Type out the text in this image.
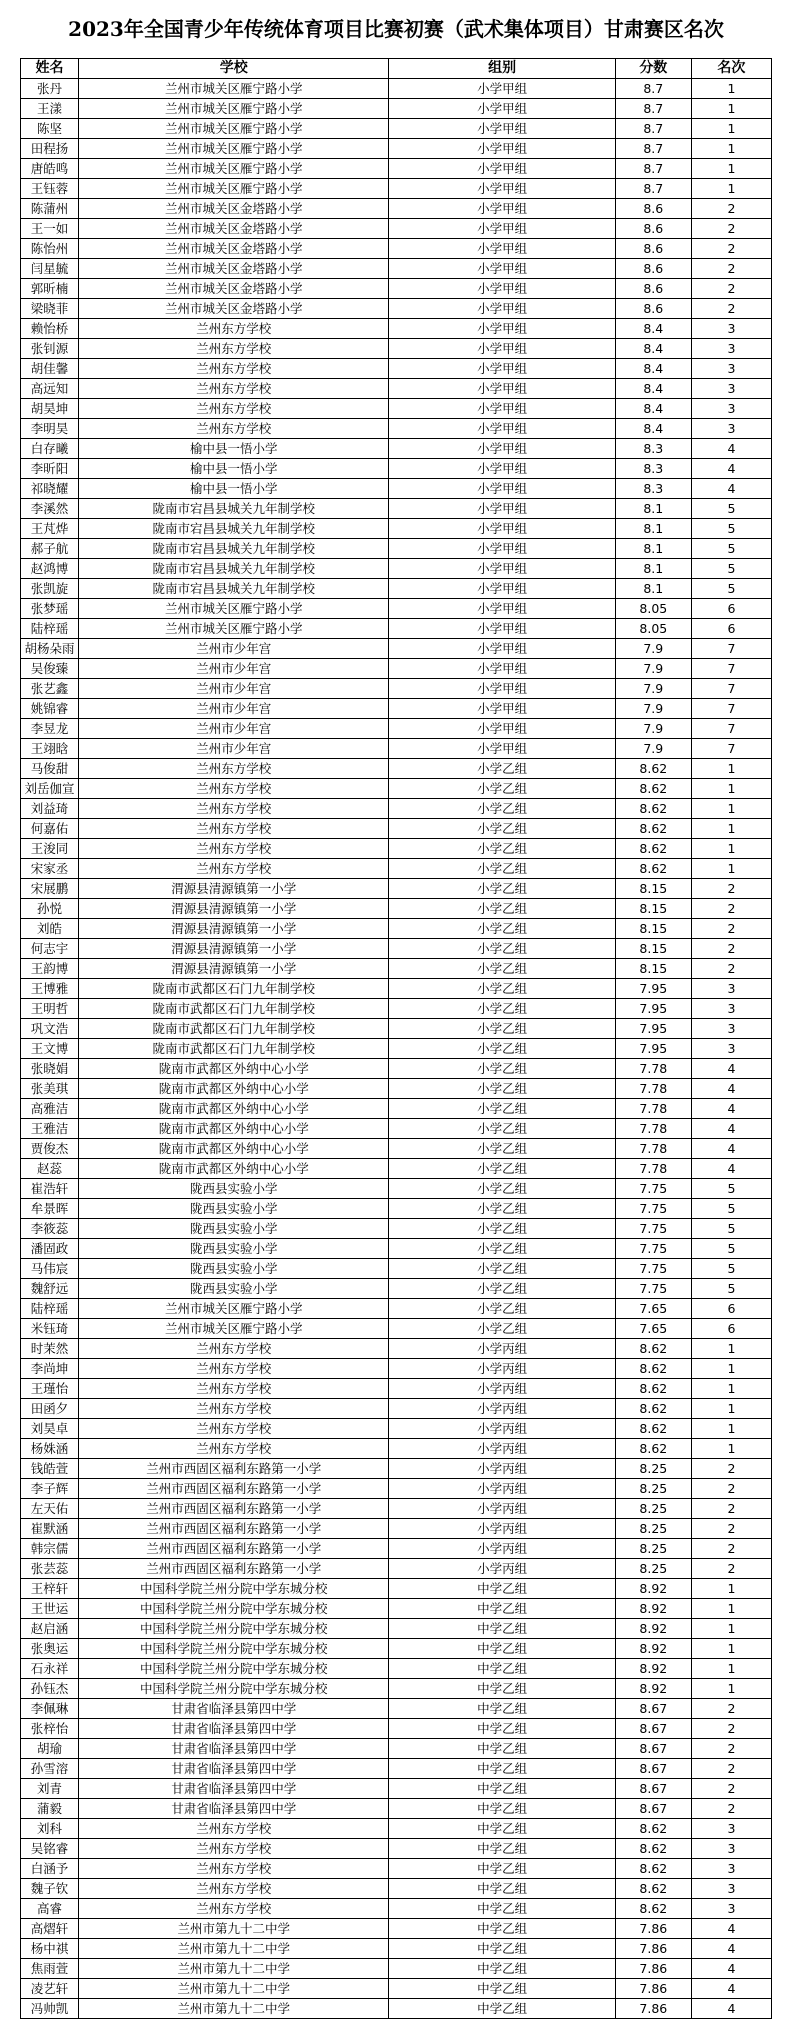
2023年全国青少年传统体育项目比赛初赛（武术集体项目）甘肃赛区名次
姓名	学校	组别	分数	名次
张丹	兰州市城关区雁宁路小学	小学甲组	8.7	1
王漾	兰州市城关区雁宁路小学	小学甲组	8.7	1
陈坚	兰州市城关区雁宁路小学	小学甲组	8.7	1
田程扬	兰州市城关区雁宁路小学	小学甲组	8.7	1
唐皓鸣	兰州市城关区雁宁路小学	小学甲组	8.7	1
王钰蓉	兰州市城关区雁宁路小学	小学甲组	8.7	1
陈蒲州	兰州市城关区金塔路小学	小学甲组	8.6	2
王一如	兰州市城关区金塔路小学	小学甲组	8.6	2
陈怡州	兰州市城关区金塔路小学	小学甲组	8.6	2
闫星毓	兰州市城关区金塔路小学	小学甲组	8.6	2
郭昕楠	兰州市城关区金塔路小学	小学甲组	8.6	2
梁晓菲	兰州市城关区金塔路小学	小学甲组	8.6	2
赖怡桥	兰州东方学校	小学甲组	8.4	3
张钊源	兰州东方学校	小学甲组	8.4	3
胡佳馨	兰州东方学校	小学甲组	8.4	3
高远知	兰州东方学校	小学甲组	8.4	3
胡昊坤	兰州东方学校	小学甲组	8.4	3
李明昊	兰州东方学校	小学甲组	8.4	3
白存曦	榆中县一悟小学	小学甲组	8.3	4
李昕阳	榆中县一悟小学	小学甲组	8.3	4
祁晓耀	榆中县一悟小学	小学甲组	8.3	4
李溪然	陇南市宕昌县城关九年制学校	小学甲组	8.1	5
王芃烨	陇南市宕昌县城关九年制学校	小学甲组	8.1	5
郝子航	陇南市宕昌县城关九年制学校	小学甲组	8.1	5
赵鸿博	陇南市宕昌县城关九年制学校	小学甲组	8.1	5
张凯旋	陇南市宕昌县城关九年制学校	小学甲组	8.1	5
张梦瑶	兰州市城关区雁宁路小学	小学甲组	8.05	6
陆梓瑶	兰州市城关区雁宁路小学	小学甲组	8.05	6
胡杨朵雨	兰州市少年宫	小学甲组	7.9	7
吴俊臻	兰州市少年宫	小学甲组	7.9	7
张艺鑫	兰州市少年宫	小学甲组	7.9	7
姚锦睿	兰州市少年宫	小学甲组	7.9	7
李昱龙	兰州市少年宫	小学甲组	7.9	7
王翊晗	兰州市少年宫	小学甲组	7.9	7
马俊甜	兰州东方学校	小学乙组	8.62	1
刘岳伽宣	兰州东方学校	小学乙组	8.62	1
刘益琦	兰州东方学校	小学乙组	8.62	1
何嘉佑	兰州东方学校	小学乙组	8.62	1
王浚同	兰州东方学校	小学乙组	8.62	1
宋家丞	兰州东方学校	小学乙组	8.62	1
宋展鹏	渭源县清源镇第一小学	小学乙组	8.15	2
孙悦	渭源县清源镇第一小学	小学乙组	8.15	2
刘皓	渭源县清源镇第一小学	小学乙组	8.15	2
何志宇	渭源县清源镇第一小学	小学乙组	8.15	2
王韵博	渭源县清源镇第一小学	小学乙组	8.15	2
王博雅	陇南市武都区石门九年制学校	小学乙组	7.95	3
王明哲	陇南市武都区石门九年制学校	小学乙组	7.95	3
巩文浩	陇南市武都区石门九年制学校	小学乙组	7.95	3
王文博	陇南市武都区石门九年制学校	小学乙组	7.95	3
张晓娟	陇南市武都区外纳中心小学	小学乙组	7.78	4
张美琪	陇南市武都区外纳中心小学	小学乙组	7.78	4
高雅洁	陇南市武都区外纳中心小学	小学乙组	7.78	4
王雅洁	陇南市武都区外纳中心小学	小学乙组	7.78	4
贾俊杰	陇南市武都区外纳中心小学	小学乙组	7.78	4
赵蕊	陇南市武都区外纳中心小学	小学乙组	7.78	4
崔浩轩	陇西县实验小学	小学乙组	7.75	5
牟景晖	陇西县实验小学	小学乙组	7.75	5
李筱蕊	陇西县实验小学	小学乙组	7.75	5
潘固政	陇西县实验小学	小学乙组	7.75	5
马伟宸	陇西县实验小学	小学乙组	7.75	5
魏舒远	陇西县实验小学	小学乙组	7.75	5
陆梓瑶	兰州市城关区雁宁路小学	小学乙组	7.65	6
米钰琦	兰州市城关区雁宁路小学	小学乙组	7.65	6
时茉然	兰州东方学校	小学丙组	8.62	1
李尚坤	兰州东方学校	小学丙组	8.62	1
王瑾怡	兰州东方学校	小学丙组	8.62	1
田函夕	兰州东方学校	小学丙组	8.62	1
刘昊卓	兰州东方学校	小学丙组	8.62	1
杨姝涵	兰州东方学校	小学丙组	8.62	1
钱皓萱	兰州市西固区福利东路第一小学	小学丙组	8.25	2
李子辉	兰州市西固区福利东路第一小学	小学丙组	8.25	2
左天佑	兰州市西固区福利东路第一小学	小学丙组	8.25	2
崔默涵	兰州市西固区福利东路第一小学	小学丙组	8.25	2
韩宗儒	兰州市西固区福利东路第一小学	小学丙组	8.25	2
张芸蕊	兰州市西固区福利东路第一小学	小学丙组	8.25	2
王梓轩	中国科学院兰州分院中学东城分校	中学乙组	8.92	1
王世运	中国科学院兰州分院中学东城分校	中学乙组	8.92	1
赵启涵	中国科学院兰州分院中学东城分校	中学乙组	8.92	1
张奥运	中国科学院兰州分院中学东城分校	中学乙组	8.92	1
石永祥	中国科学院兰州分院中学东城分校	中学乙组	8.92	1
孙钰杰	中国科学院兰州分院中学东城分校	中学乙组	8.92	1
李佩琳	甘肃省临泽县第四中学	中学乙组	8.67	2
张梓怡	甘肃省临泽县第四中学	中学乙组	8.67	2
胡瑜	甘肃省临泽县第四中学	中学乙组	8.67	2
孙雪溶	甘肃省临泽县第四中学	中学乙组	8.67	2
刘青	甘肃省临泽县第四中学	中学乙组	8.67	2
蒲毅	甘肃省临泽县第四中学	中学乙组	8.67	2
刘科	兰州东方学校	中学乙组	8.62	3
吴铭睿	兰州东方学校	中学乙组	8.62	3
白涵予	兰州东方学校	中学乙组	8.62	3
魏子钦	兰州东方学校	中学乙组	8.62	3
高睿	兰州东方学校	中学乙组	8.62	3
高熠轩	兰州市第九十二中学	中学乙组	7.86	4
杨中祺	兰州市第九十二中学	中学乙组	7.86	4
焦雨萱	兰州市第九十二中学	中学乙组	7.86	4
凌艺轩	兰州市第九十二中学	中学乙组	7.86	4
冯帅凯	兰州市第九十二中学	中学乙组	7.86	4
